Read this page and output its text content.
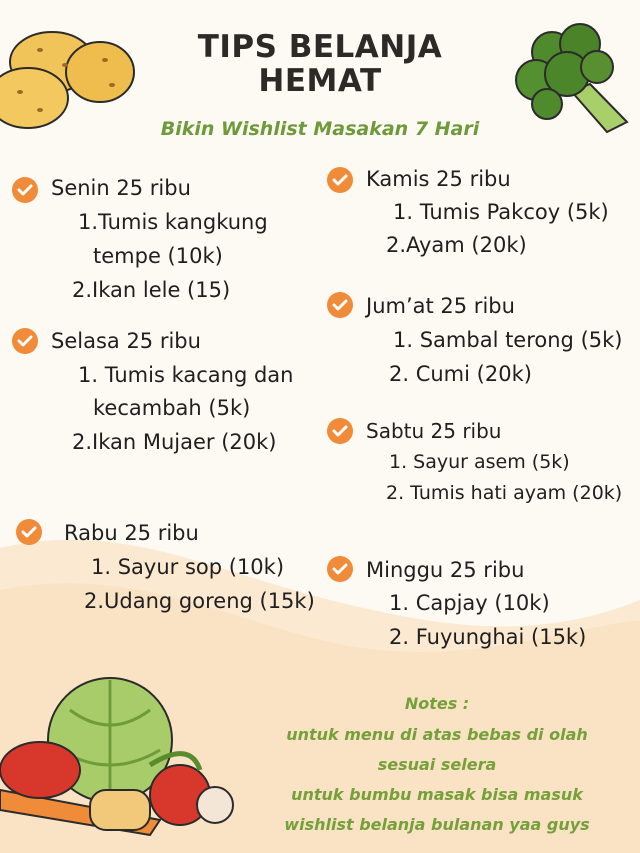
TIPS BELANJA
HEMAT
Bikin Wishlist Masakan 7 Hari
Senin 25 ribu
1.Tumis kangkung
tempe (10k)
2.Ikan lele (15)
Selasa 25 ribu
1. Tumis kacang dan
kecambah (5k)
2.Ikan Mujaer (20k)
Rabu 25 ribu
1. Sayur sop (10k)
2.Udang goreng (15k)
Kamis 25 ribu
1. Tumis Pakcoy (5k)
2.Ayam (20k)
Jum’at 25 ribu
1. Sambal terong (5k)
2. Cumi (20k)
Sabtu 25 ribu
1. Sayur asem (5k)
2. Tumis hati ayam (20k)
Minggu 25 ribu
1. Capjay (10k)
2. Fuyunghai (15k)
Notes :
untuk menu di atas bebas di olah
sesuai selera
untuk bumbu masak bisa masuk
wishlist belanja bulanan yaa guys
